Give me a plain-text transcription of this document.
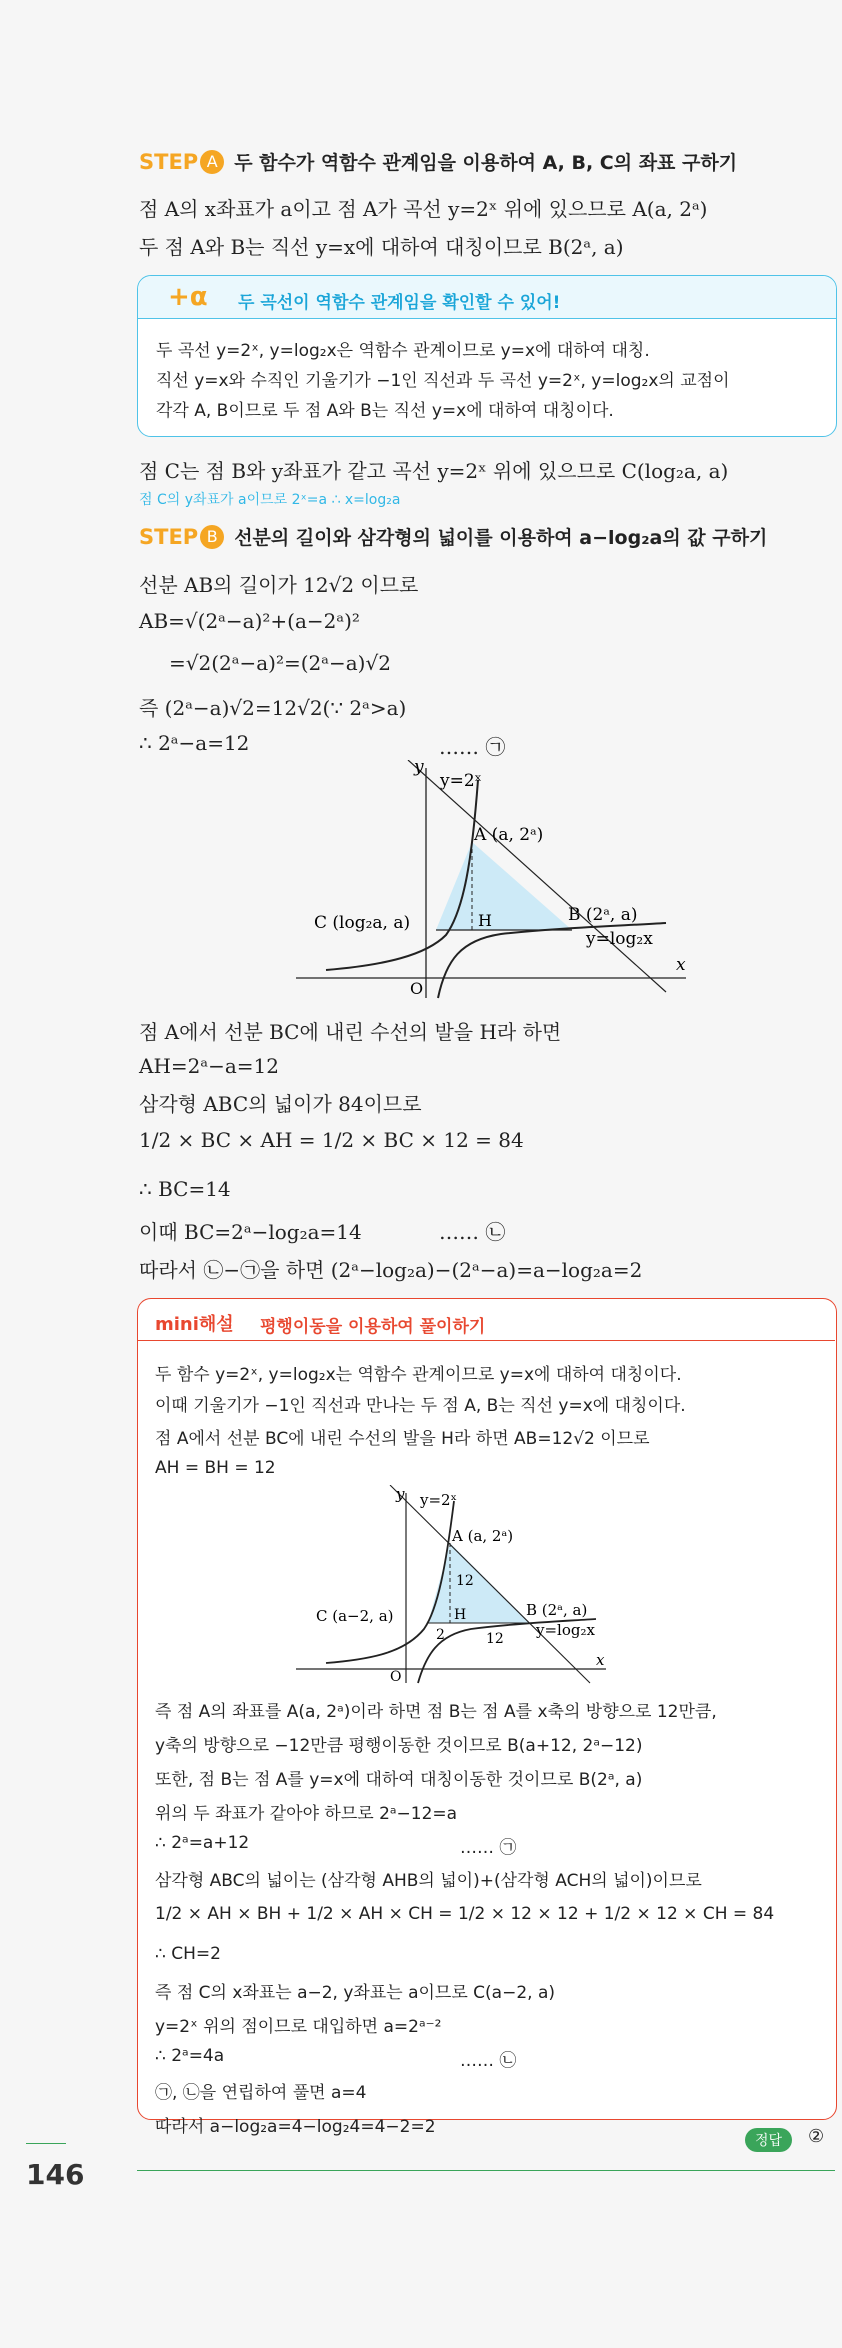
STEP A 두 함수가 역함수 관계임을 이용하여 A, B, C의 좌표 구하기
점 A의 x좌표가 a이고 점 A가 곡선 y=2ˣ 위에 있으므로 A(a, 2ᵃ)
두 점 A와 B는 직선 y=x에 대하여 대칭이므로 B(2ᵃ, a)
+α 두 곡선이 역함수 관계임을 확인할 수 있어!
두 곡선 y=2ˣ, y=log₂x은 역함수 관계이므로 y=x에 대하여 대칭.
직선 y=x와 수직인 기울기가 −1인 직선과 두 곡선 y=2ˣ, y=log₂x의 교점이
각각 A, B이므로 두 점 A와 B는 직선 y=x에 대하여 대칭이다.
점 C는 점 B와 y좌표가 같고 곡선 y=2ˣ 위에 있으므로 C(log₂a, a)
점 C의 y좌표가 a이므로 2ˣ=a ∴ x=log₂a
STEP B 선분의 길이와 삼각형의 넓이를 이용하여 a−log₂a의 값 구하기
선분 AB의 길이가 12√2 이므로
AB=√(2ᵃ−a)²+(a−2ᵃ)²
=√2(2ᵃ−a)²=(2ᵃ−a)√2
즉 (2ᵃ−a)√2=12√2(∵ 2ᵃ>a)
∴ 2ᵃ−a=12	…… ㉠
y
x
O
y=2ˣ
A (a, 2ᵃ)
B (2ᵃ, a)
y=log₂x
C (log₂a, a)	H
점 A에서 선분 BC에 내린 수선의 발을 H라 하면
AH=2ᵃ−a=12
삼각형 ABC의 넓이가 84이므로
1/2 × BC × AH = 1/2 × BC × 12 = 84
∴ BC=14
이때 BC=2ᵃ−log₂a=14	…… ㉡
따라서 ㉡−㉠을 하면 (2ᵃ−log₂a)−(2ᵃ−a)=a−log₂a=2
mini해설 평행이동을 이용하여 풀이하기
두 함수 y=2ˣ, y=log₂x는 역함수 관계이므로 y=x에 대하여 대칭이다.
이때 기울기가 −1인 직선과 만나는 두 점 A, B는 직선 y=x에 대칭이다.
점 A에서 선분 BC에 내린 수선의 발을 H라 하면 AB=12√2 이므로
AH = BH = 12
y
x
O
y=2ˣ
A (a, 2ᵃ)
B (2ᵃ, a)
y=log₂x
C (a−2, a)	H
12
12
2
즉 점 A의 좌표를 A(a, 2ᵃ)이라 하면 점 B는 점 A를 x축의 방향으로 12만큼,
y축의 방향으로 −12만큼 평행이동한 것이므로 B(a+12, 2ᵃ−12)
또한, 점 B는 점 A를 y=x에 대하여 대칭이동한 것이므로 B(2ᵃ, a)
위의 두 좌표가 같아야 하므로 2ᵃ−12=a
∴ 2ᵃ=a+12	…… ㉠
삼각형 ABC의 넓이는 (삼각형 AHB의 넓이)+(삼각형 ACH의 넓이)이므로
1/2 × AH × BH + 1/2 × AH × CH = 1/2 × 12 × 12 + 1/2 × 12 × CH = 84
∴ CH=2
즉 점 C의 x좌표는 a−2, y좌표는 a이므로 C(a−2, a)
y=2ˣ 위의 점이므로 대입하면 a=2ᵃ⁻²
∴ 2ᵃ=4a	…… ㉡
㉠, ㉡을 연립하여 풀면 a=4
따라서 a−log₂a=4−log₂4=4−2=2
정답	②
146
